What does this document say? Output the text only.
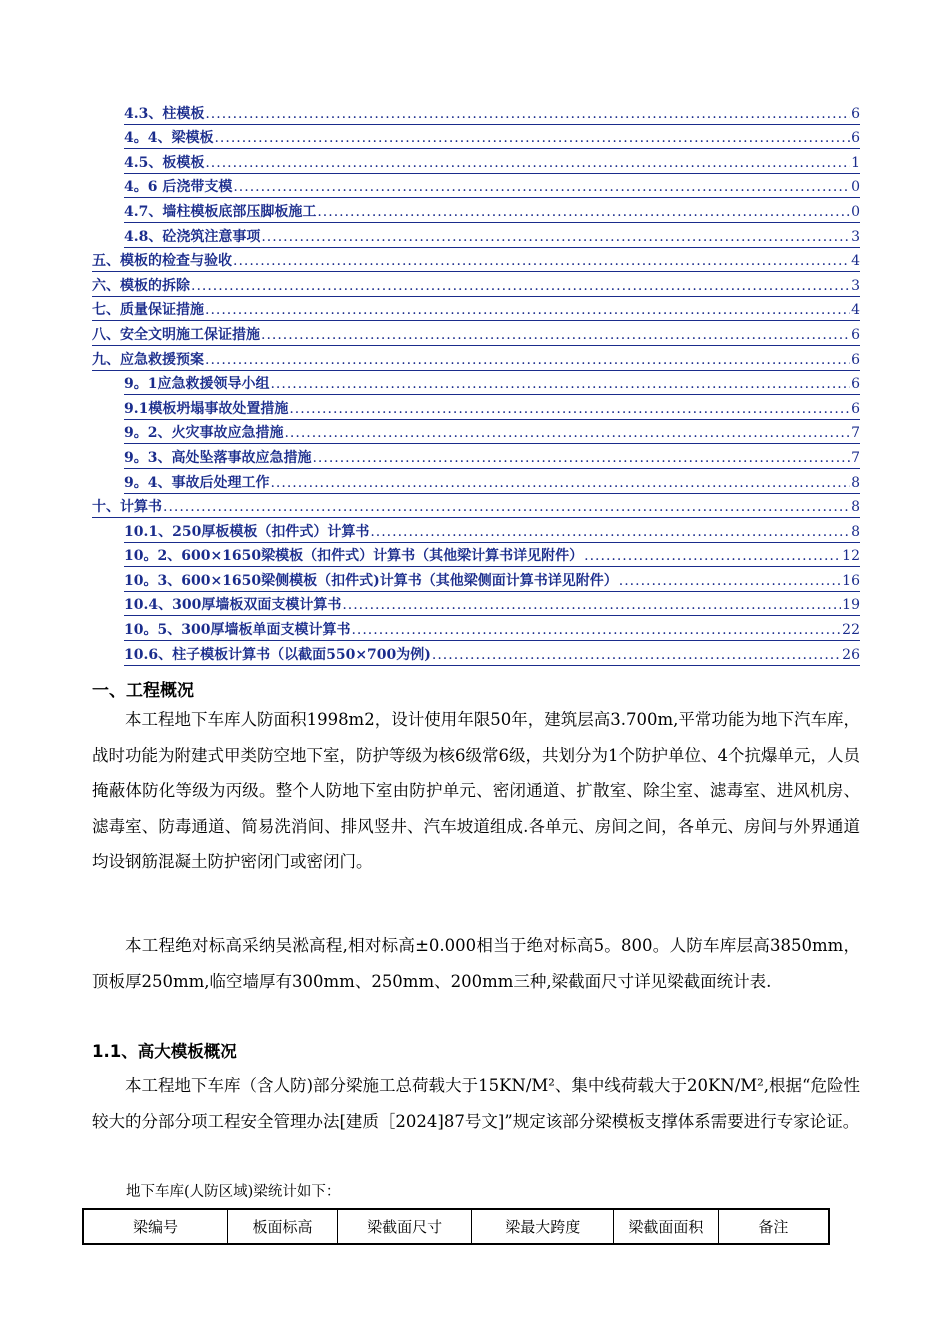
4.3、柱模板 .....	6
4。4、梁模板 .....	6
4.5、板模板 .....	1
4。6 后浇带支模 .....	0
4.7、墙柱模板底部压脚板施工 .....	0
4.8、砼浇筑注意事项 .....	3
五、模板的检查与验收 .....	4
六、模板的拆除 .....	3
七、质量保证措施 .....	4
八、安全文明施工保证措施 .....	6
九、应急救援预案 .....	6
9。1应急救援领导小组 .....	6
9.1模板坍塌事故处置措施 .....	6
9。2、火灾事故应急措施 .....	7
9。3、高处坠落事故应急措施 .....	7
9。4、事故后处理工作 .....	8
十、计算书 .....	8
10.1、250厚板模板（扣件式）计算书 .....	8
10。2、600×1650梁模板（扣件式）计算书（其他梁计算书详见附件） .....	12
10。3、600×1650梁侧模板（扣件式)计算书（其他梁侧面计算书详见附件） .....	16
10.4、300厚墙板双面支模计算书 .....	19
10。5、300厚墙板单面支模计算书 .....	22
10.6、柱子模板计算书（以截面550×700为例) .....	26
一、工程概况
本工程地下车库人防面积1998m2，设计使用年限50年，建筑层高3.700m,平常功能为地下汽车库，战时功能为附建式甲类防空地下室，防护等级为核6级常6级，共划分为1个防护单位、4个抗爆单元，人员掩蔽体防化等级为丙级。整个人防地下室由防护单元、密闭通道、扩散室、除尘室、滤毒室、进风机房、滤毒室、防毒通道、简易洗消间、排风竖井、汽车坡道组成.各单元、房间之间，各单元、房间与外界通道均设钢筋混凝土防护密闭门或密闭门。
本工程绝对标高采纳吴淞高程,相对标高±0.000相当于绝对标高5。800。人防车库层高3850mm，顶板厚250mm,临空墙厚有300mm、250mm、200mm三种,梁截面尺寸详见梁截面统计表.
1.1、高大模板概况
本工程地下车库（含人防)部分梁施工总荷载大于15KN/M²、集中线荷载大于20KN/M²,根据“危险性较大的分部分项工程安全管理办法[建质［2024]87号文]”规定该部分梁模板支撑体系需要进行专家论证。
地下车库(人防区域)梁统计如下：
梁编号	板面标高	梁截面尺寸	梁最大跨度	梁截面面积	备注
